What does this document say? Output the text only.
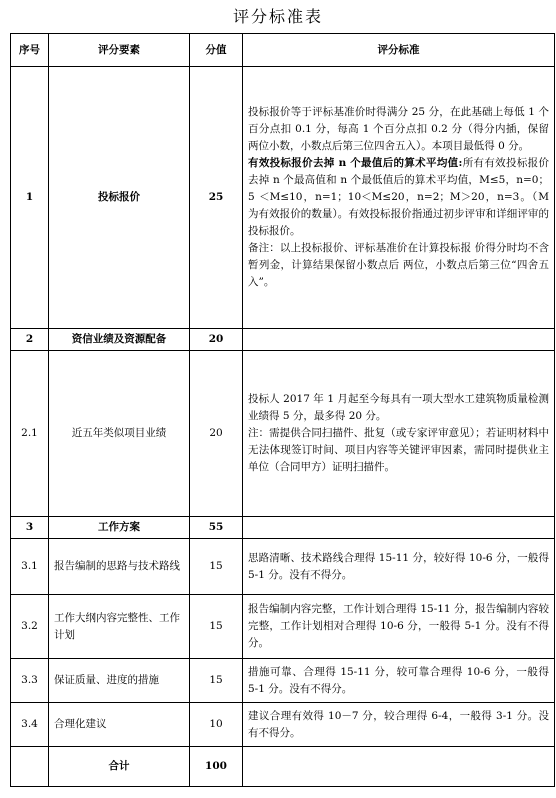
评分标准表
序号	评分要素	分值	评分标准
1	投标报价	25	投标报价等于评标基准价时得满分 25 分，在此基础上每低 1 个百分点扣 0.1 分，每高 1 个百分点扣 0.2 分（得分内插，保留两位小数，小数点后第三位四舍五入）。本项目最低得 0 分。

有效投标报价去掉 n 个最值后的算术平均值:所有有效投标报价去掉 n 个最高值和 n 个最低值后的算术平均值，M≤5，n=0；5 ＜M≤10，n=1；10＜M≤20，n=2；M＞20，n=3。（M 为有效报价的数量）。有效投标报价指通过初步评审和详细评审的投标报价。

备注：以上投标报价、评标基准价在计算投标报 价得分时均不含暂列金，计算结果保留小数点后 两位，小数点后第三位“四舍五入”。

2	资信业绩及资源配备	20	
2.1	近五年类似项目业绩	20	投标人 2017 年 1 月起至今每具有一项大型水工建筑物质量检测业绩得 5 分，最多得 20 分。

注：需提供合同扫描件、批复（或专家评审意见）；若证明材料中无法体现签订时间、项目内容等关键评审因素，需同时提供业主单位（合同甲方）证明扫描件。

3	工作方案	55	
3.1	报告编制的思路与技术路线	15	思路清晰、技术路线合理得 15-11 分，较好得 10-6 分，一般得 5-1 分。没有不得分。

3.2	工作大纲内容完整性、工作计划	15	报告编制内容完整，工作计划合理得 15-11 分，报告编制内容较完整，工作计划相对合理得 10-6 分，一般得 5-1 分。没有不得分。

3.3	保证质量、进度的措施	15	措施可靠、合理得 15-11 分，较可靠合理得 10-6 分，一般得 5-1 分。没有不得分。

3.4	合理化建议	10	建议合理有效得 10－7 分，较合理得 6-4，一般得 3-1 分。没有不得分。

	合计	100	
